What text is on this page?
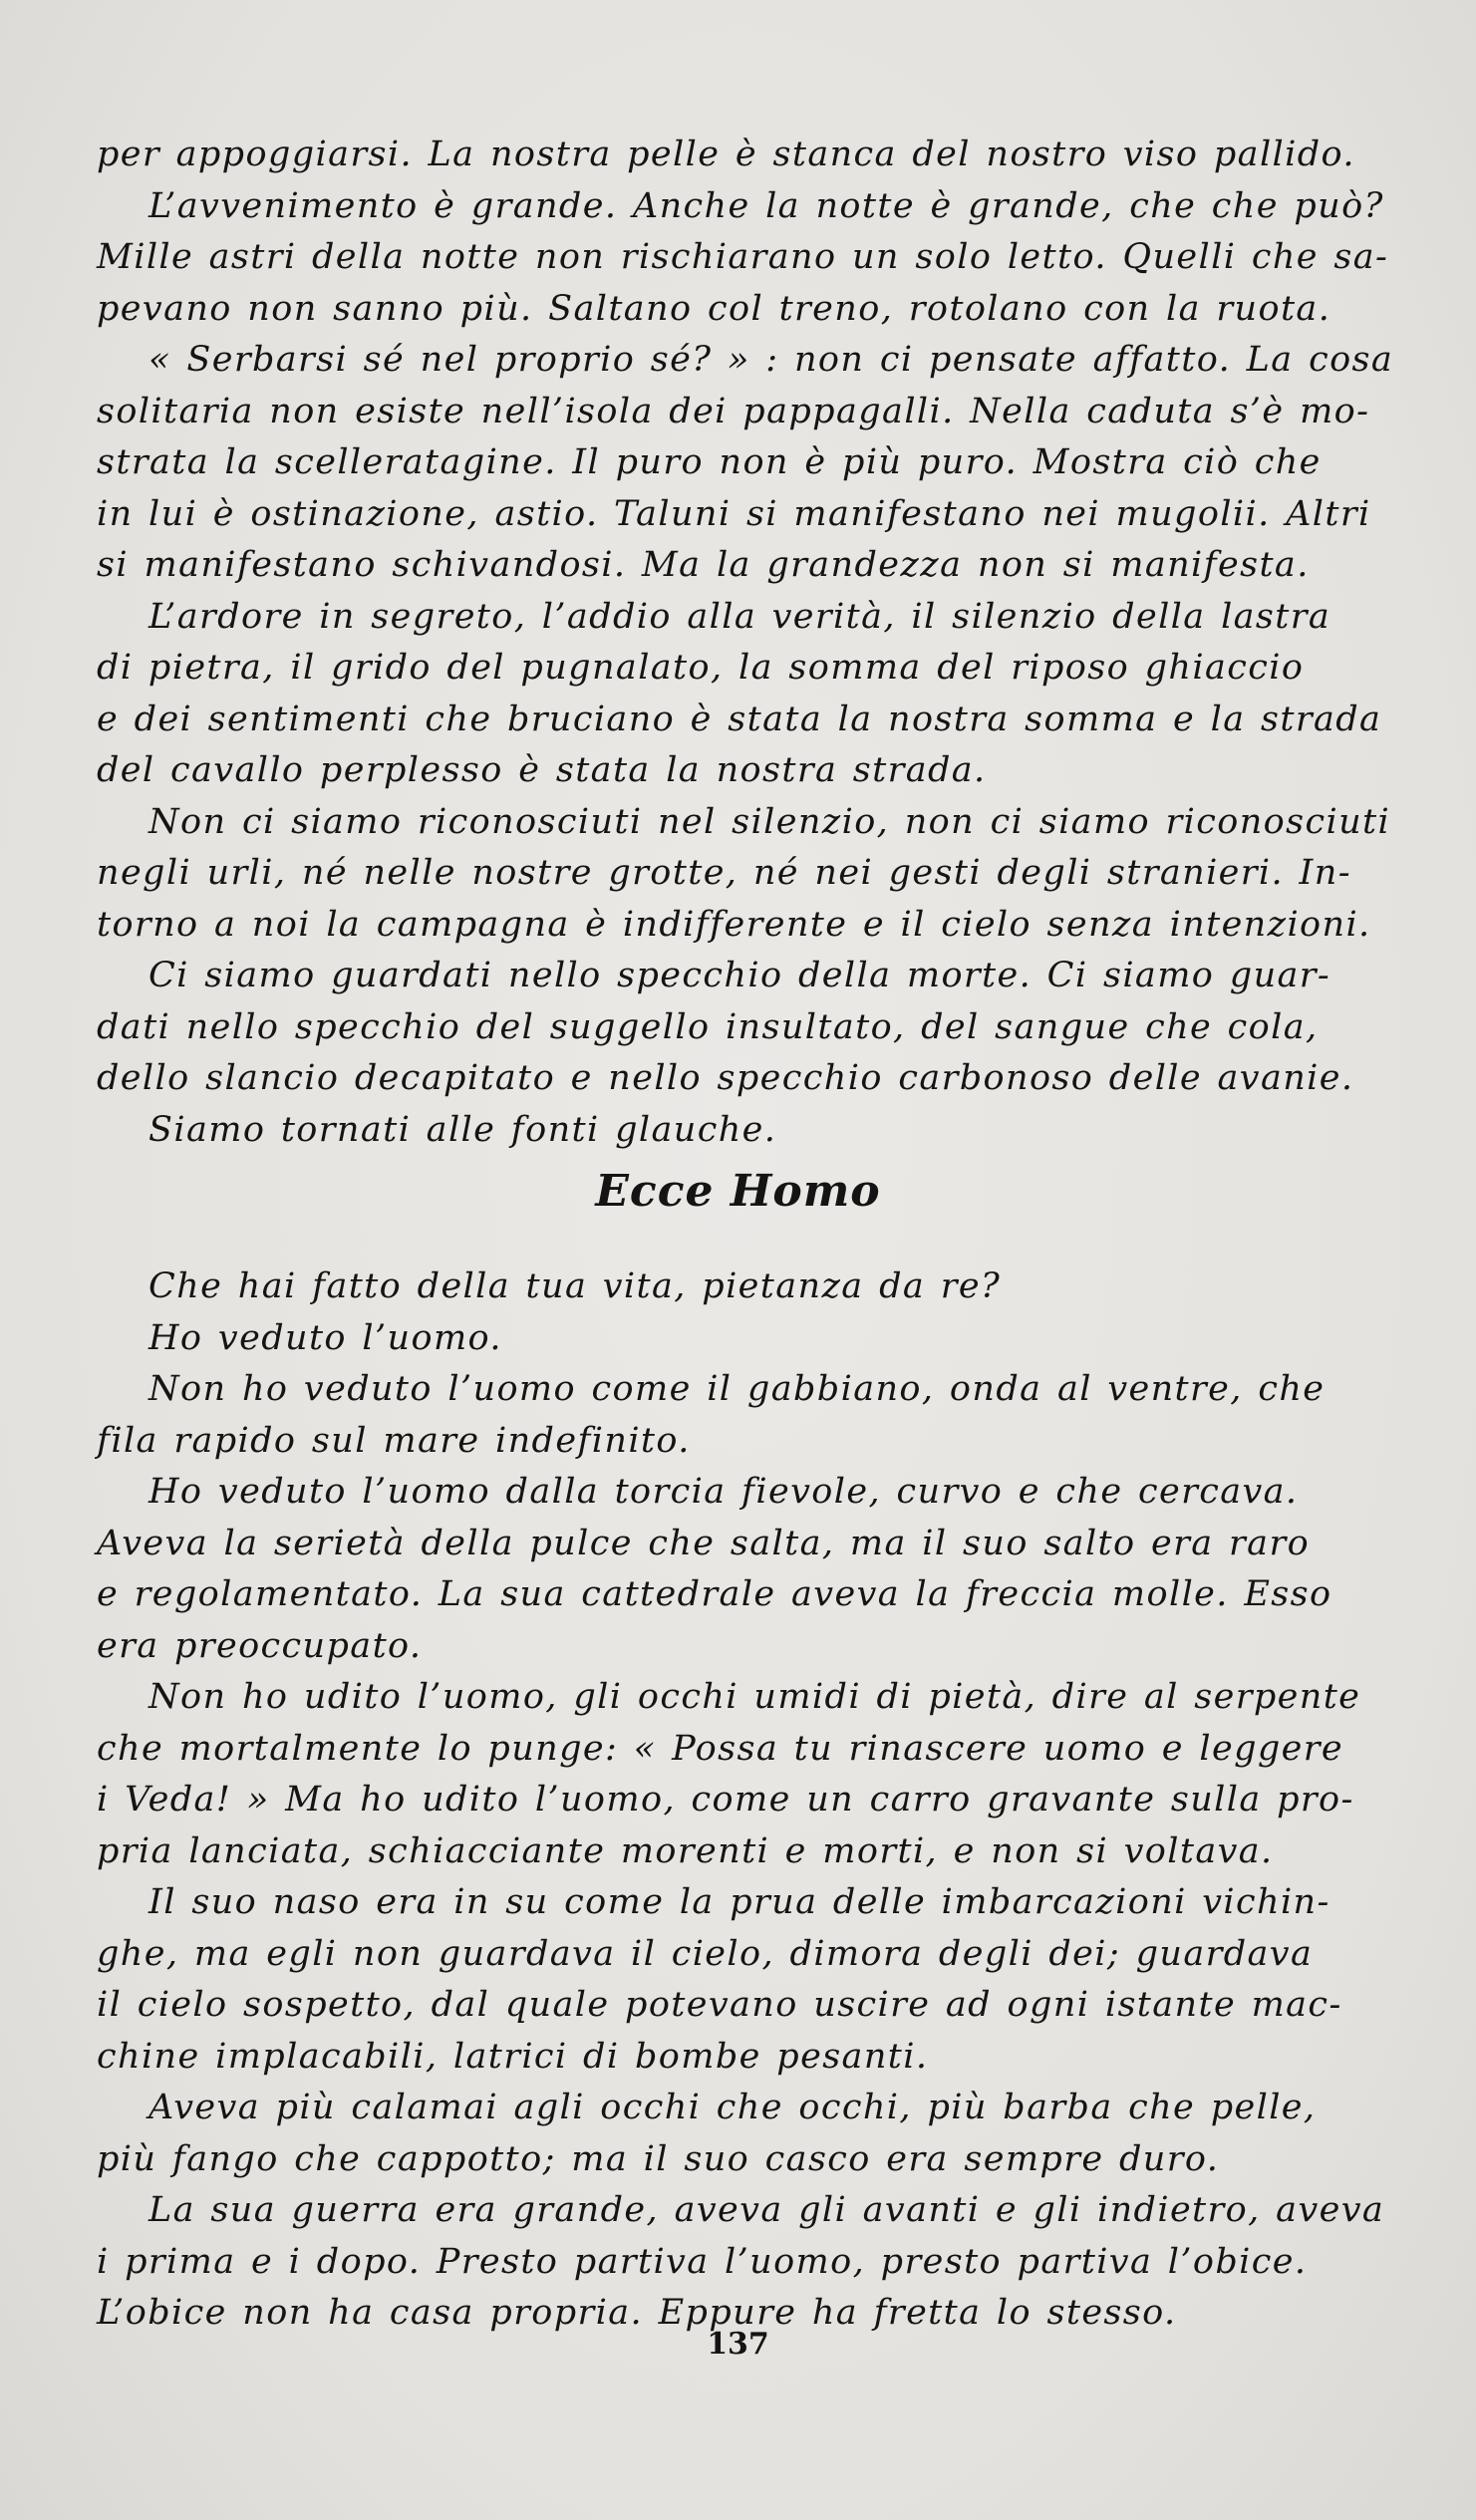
per appoggiarsi. La nostra pelle è stanca del nostro viso pallido.
L’avvenimento è grande. Anche la notte è grande, che che può?
Mille astri della notte non rischiarano un solo letto. Quelli che sa-
pevano non sanno più. Saltano col treno, rotolano con la ruota.
« Serbarsi sé nel proprio sé? » : non ci pensate affatto. La cosa
solitaria non esiste nell’isola dei pappagalli. Nella caduta s’è mo-
strata la scelleratagine. Il puro non è più puro. Mostra ciò che
in lui è ostinazione, astio. Taluni si manifestano nei mugolii. Altri
si manifestano schivandosi. Ma la grandezza non si manifesta.
L’ardore in segreto, l’addio alla verità, il silenzio della lastra
di pietra, il grido del pugnalato, la somma del riposo ghiaccio
e dei sentimenti che bruciano è stata la nostra somma e la strada
del cavallo perplesso è stata la nostra strada.
Non ci siamo riconosciuti nel silenzio, non ci siamo riconosciuti
negli urli, né nelle nostre grotte, né nei gesti degli stranieri. In-
torno a noi la campagna è indifferente e il cielo senza intenzioni.
Ci siamo guardati nello specchio della morte. Ci siamo guar-
dati nello specchio del suggello insultato, del sangue che cola,
dello slancio decapitato e nello specchio carbonoso delle avanie.
Siamo tornati alle fonti glauche.
Ecce Homo
Che hai fatto della tua vita, pietanza da re?
Ho veduto l’uomo.
Non ho veduto l’uomo come il gabbiano, onda al ventre, che
fila rapido sul mare indefinito.
Ho veduto l’uomo dalla torcia fievole, curvo e che cercava.
Aveva la serietà della pulce che salta, ma il suo salto era raro
e regolamentato. La sua cattedrale aveva la freccia molle. Esso
era preoccupato.
Non ho udito l’uomo, gli occhi umidi di pietà, dire al serpente
che mortalmente lo punge: « Possa tu rinascere uomo e leggere
i Veda! » Ma ho udito l’uomo, come un carro gravante sulla pro-
pria lanciata, schiacciante morenti e morti, e non si voltava.
Il suo naso era in su come la prua delle imbarcazioni vichin-
ghe, ma egli non guardava il cielo, dimora degli dei; guardava
il cielo sospetto, dal quale potevano uscire ad ogni istante mac-
chine implacabili, latrici di bombe pesanti.
Aveva più calamai agli occhi che occhi, più barba che pelle,
più fango che cappotto; ma il suo casco era sempre duro.
La sua guerra era grande, aveva gli avanti e gli indietro, aveva
i prima e i dopo. Presto partiva l’uomo, presto partiva l’obice.
L’obice non ha casa propria. Eppure ha fretta lo stesso.
137
